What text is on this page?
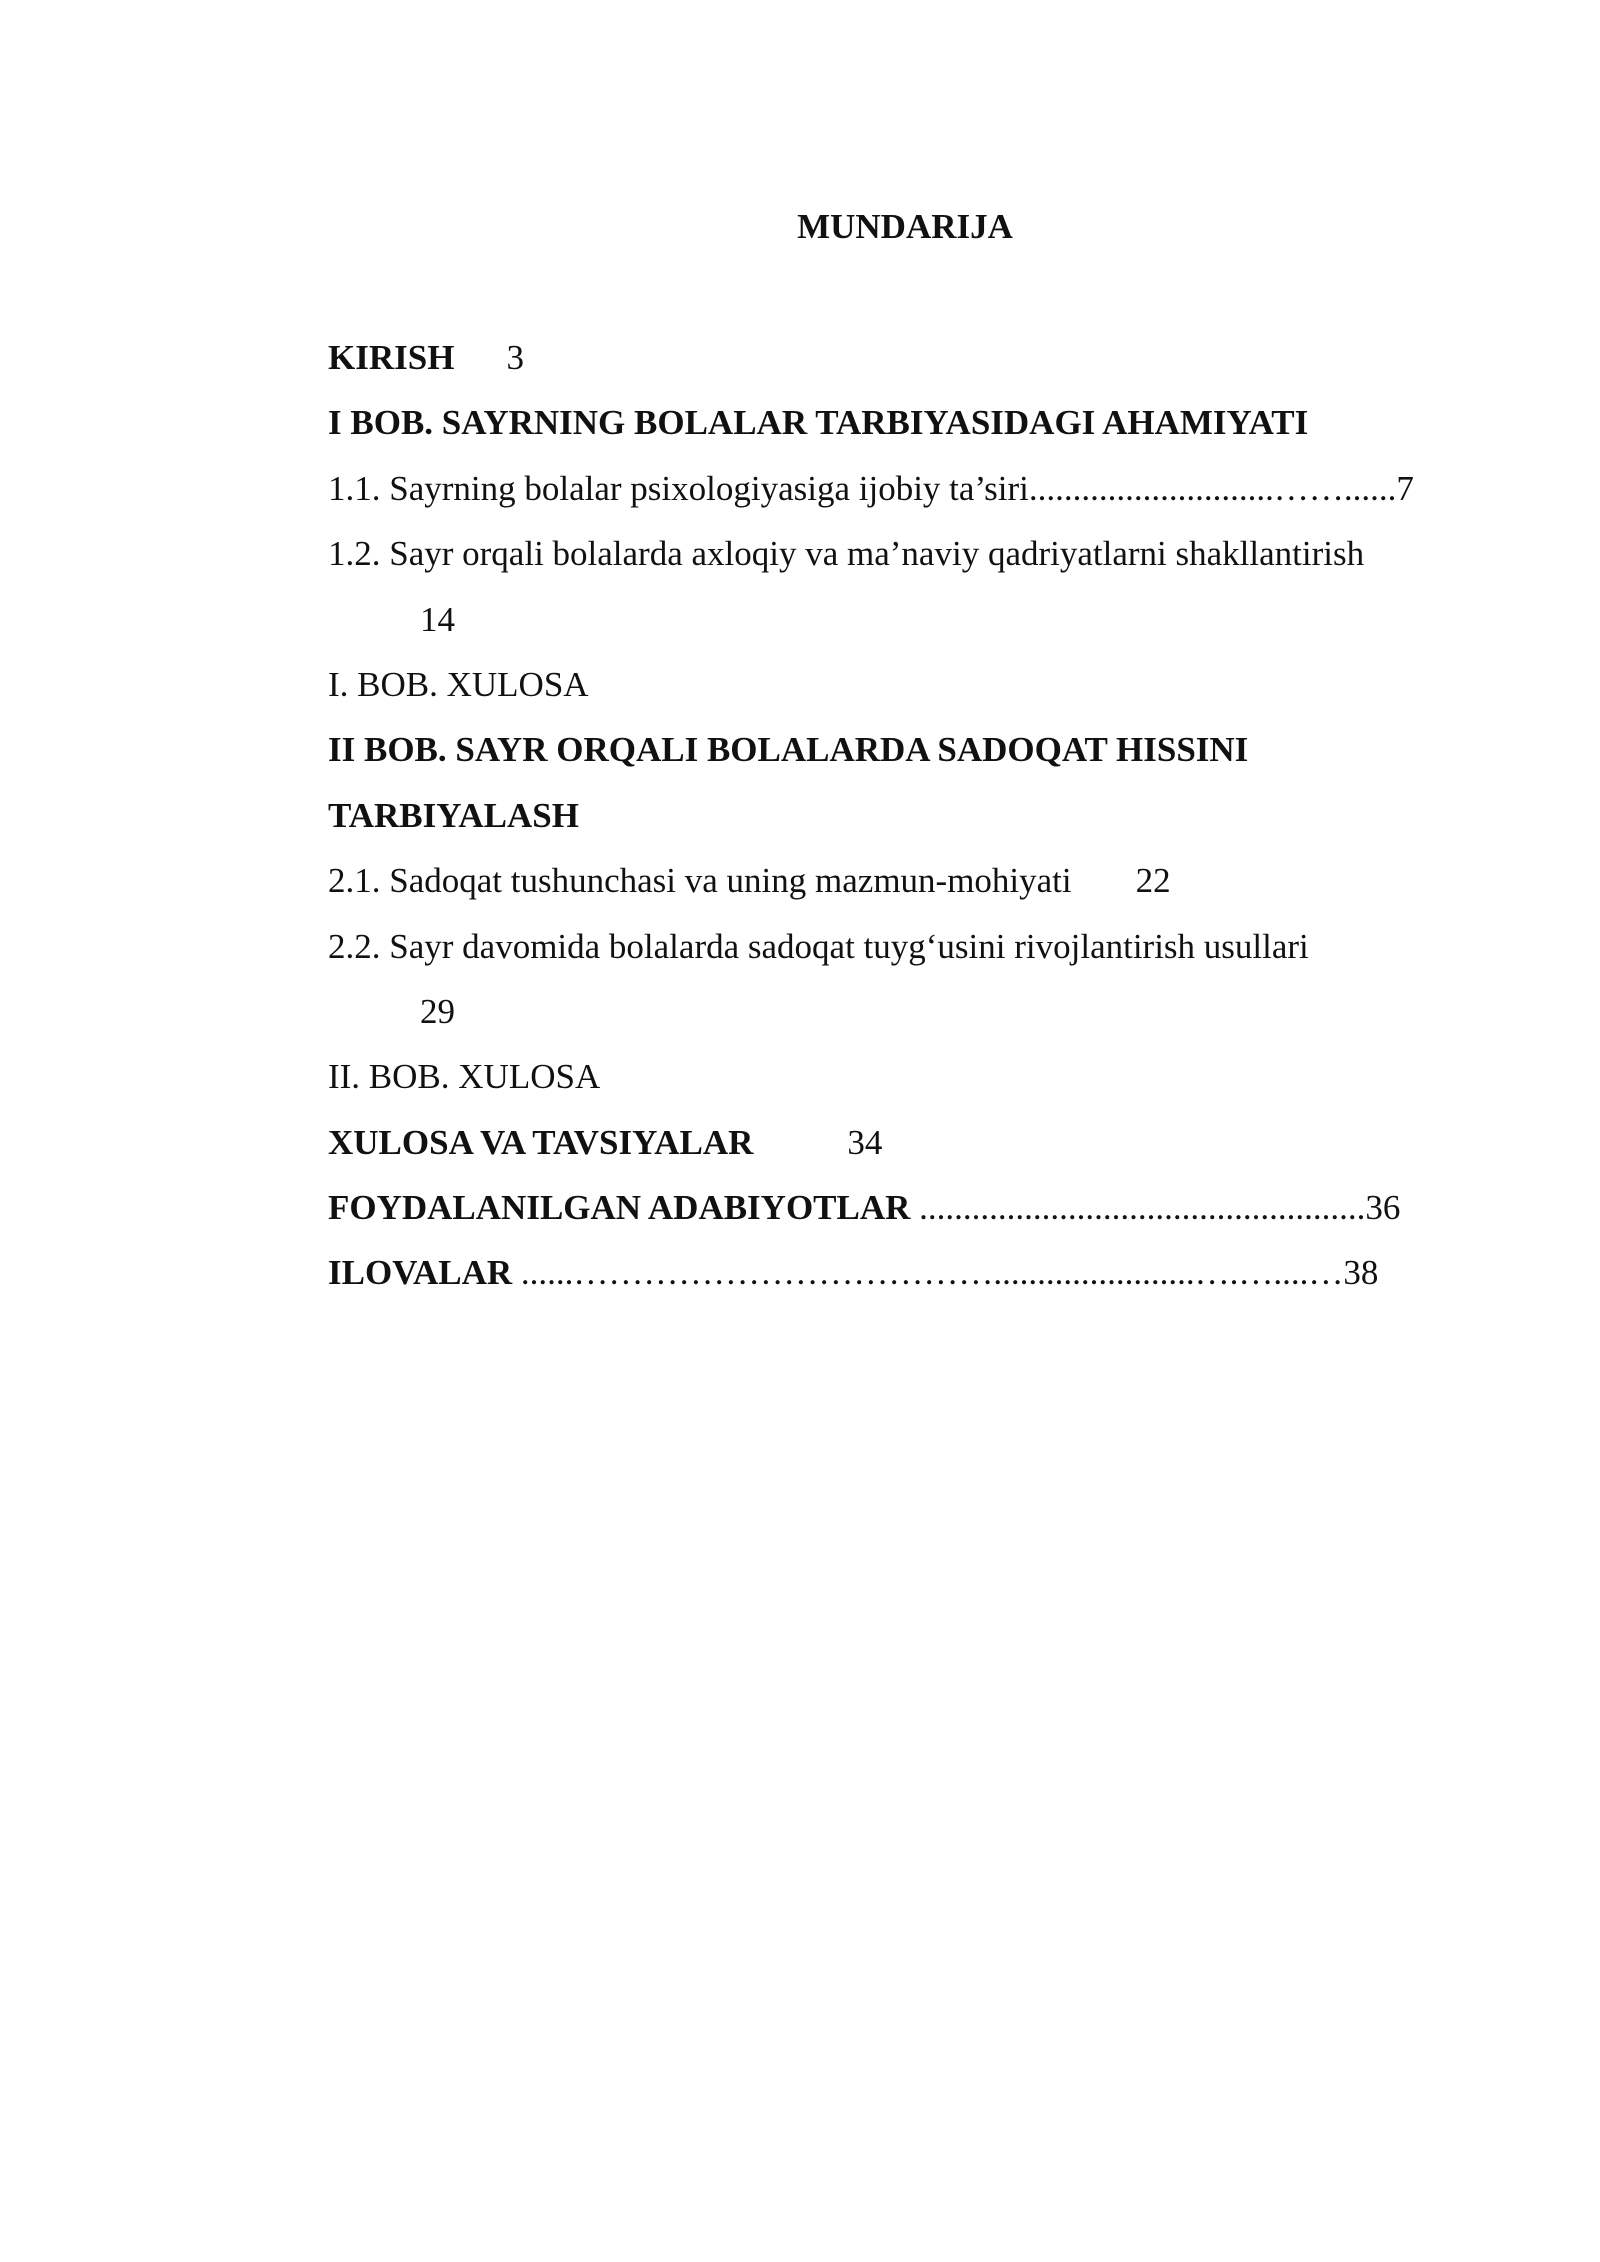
MUNDARIJA
KIRISH 3
I BOB. SAYRNING BOLALAR TARBIYASIDAGI AHAMIYATI
1.1. Sayrning bolalar psixologiyasiga ijobiy ta’siri............................……......7
1.2. Sayr orqali bolalarda axloqiy va ma’naviy qadriyatlarni shakllantirish
14
I. BOB. XULOSA
II BOB. SAYR ORQALI BOLALARDA SADOQAT HISSINI
TARBIYALASH
2.1. Sadoqat tushunchasi va uning mazmun-mohiyati 22
2.2. Sayr davomida bolalarda sadoqat tuyg‘usini rivojlantirish usullari
29
II. BOB. XULOSA
XULOSA VA TAVSIYALAR	34
FOYDALANILGAN ADABIYOTLAR ...................................................36
ILOVALAR ......……………………………….......................….…....…38
